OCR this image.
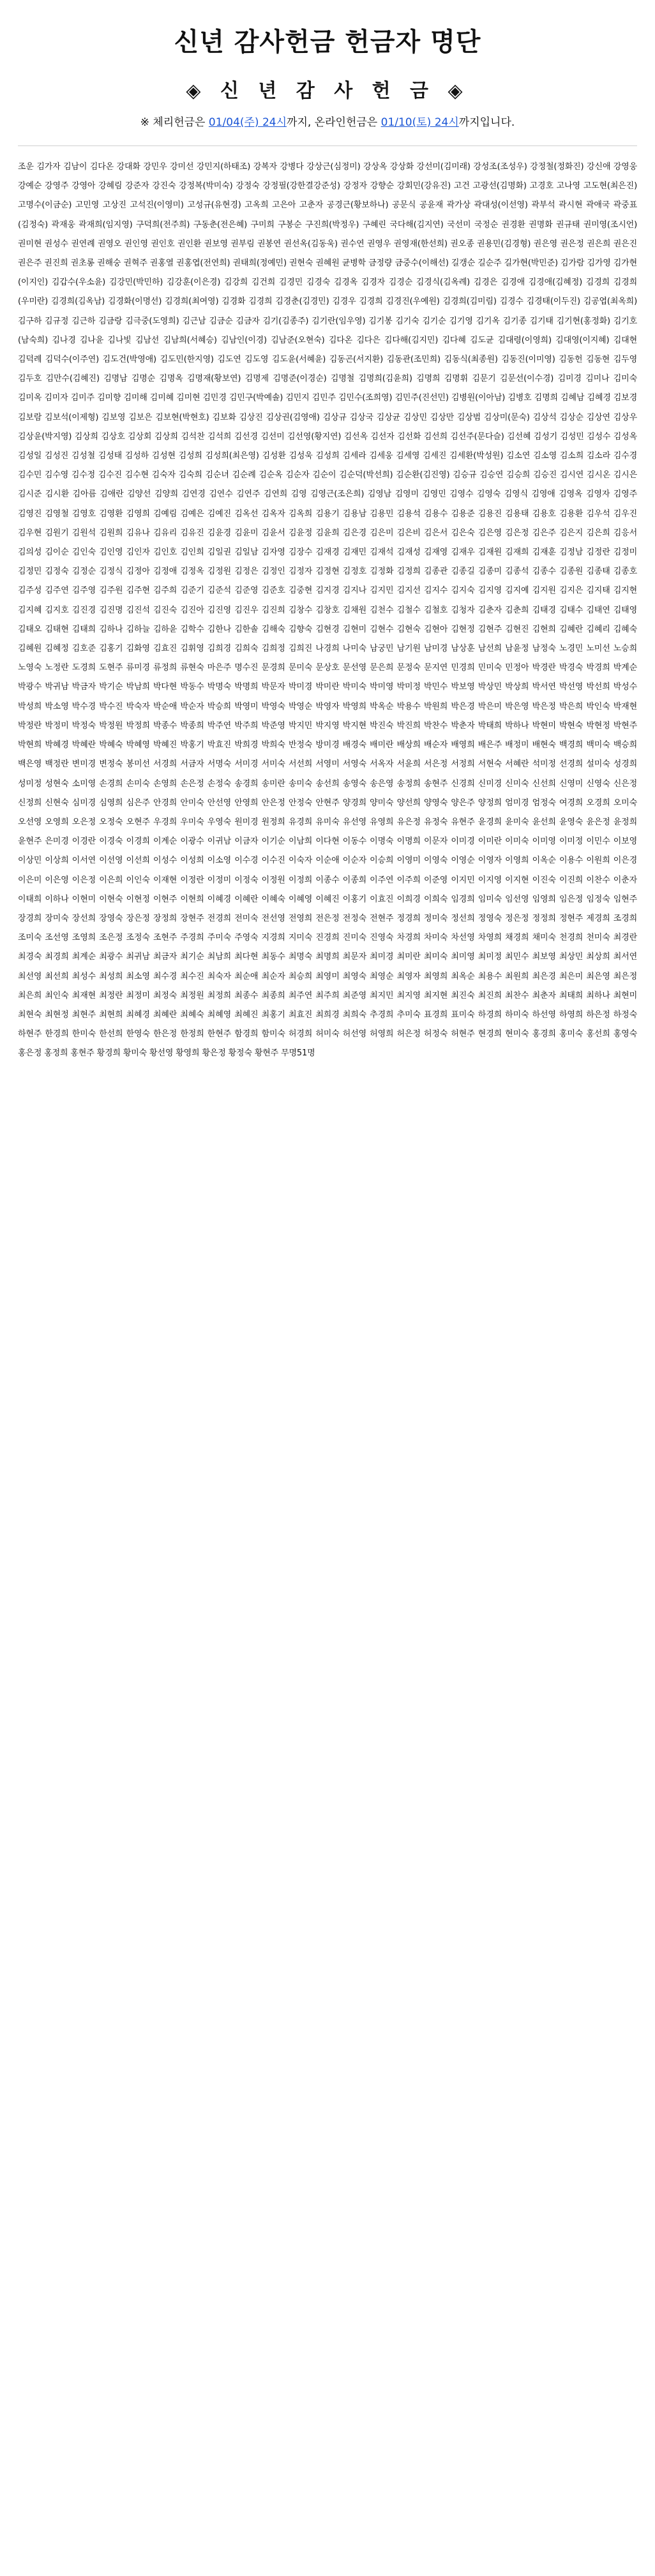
신년 감사헌금 헌금자 명단
◈ 신 년 감 사 헌 금 ◈
※ 체리헌금은 01/04(주) 24시까지, 온라인헌금은 01/10(토) 24시까지입니다.
조운 김가자 김남이 김다온 강대화 강민우 강미선 강민지(하태조) 강복자 강병다 강상근(심정미) 강상옥 강상화 강선미(김미래) 강성조(조성우) 강정철(정화진) 강신애 강영웅 강예순 강영주 강영아 강혜림 강준자 강진숙 강정복(박미숙) 강정숙 강정필(강한결강준성) 강정자 강향순 강회민(강유진) 고건 고광선(김명화) 고경호 고나영 고도현(최은진) 고명수(이금순) 고민영 고상진 고석진(이영미) 고성규(유현경) 고옥희 고은아 고춘자 공경근(황보하나) 공문식 공윤재 곽가상 곽대성(이선영) 곽부석 곽시현 곽애국 곽중표(김정숙) 곽재웅 곽재희(임지영) 구덕희(전주희) 구동춘(전은혜) 구미희 구봉순 구진희(박정우) 구혜린 국다해(김지연) 국선미 국정순 권경환 권명화 권규태 권미영(조시언) 권미현 권성수 권연례 권영오 권인영 권인호 권인환 권보영 권부림 권봉연 권선옥(김동욱) 권수연 권영우 권영재(한선희) 권오종 권용민(김경형) 권은영 권은정 권은희 권은진 권은주 권진희 권초롱 권해숭 권혁주 권홍열 권홍엽(전연희) 권태희(정예민) 권현숙 권혜원 균병학 금정량 금중수(이해선) 길갱순 길순주 길가현(박민준) 김가람 김가영 김가현(이지인) 김갑수(우소윤) 김강민(박민하) 김강훈(이은경) 김강희 김건희 김경민 김경숙 김경옥 김경자 김경순 김경식(김옥례) 김경은 김경애 김경애(김혜정) 김경희 김경희(우미란) 김경희(김옥남) 김경화(이명선) 김경희(최여영) 김경화 김경희 김경춘(김경민) 김경우 김경희 김경진(우예원) 김경희(김미림) 김경수 김경태(이두진) 김공엽(최옥희) 김구하 김규정 김근하 김금랑 김극중(도영희) 김근남 김금순 김금자 김기(김종주) 김기란(임우영) 김기봉 김기숙 김기순 김기영 김기옥 김기종 김기태 김기현(홍정화) 김기호(남숙희) 김나경 김나윤 김나빛 김남선 김남희(서혜승) 김남인(이경) 김남준(오현숙) 김다온 김다은 김다해(김지민) 김다혜 김도균 김대령(이영희) 김대영(이지혜) 김대현 김덕례 김덕수(이주연) 김도건(박영애) 김도민(한지영) 김도연 김도영 김도윤(서혜윤) 김동곤(서지환) 김동관(조민희) 김동식(최종원) 김동진(이미영) 김동헌 김동현 김두영 김두호 김만수(김혜진) 김명남 김명순 김명옥 김명재(황보연) 김명제 김명준(이경순) 김명철 김명희(김윤희) 김명희 김명휘 김문기 김문선(이수경) 김미경 김미나 김미숙 김미옥 김미자 김미주 김미향 김미해 김미혜 김미현 김민경 김민구(박예솔) 김민지 김민주 김민수(조희영) 김민주(진선민) 김병원(이아남) 김병호 김명희 김혜남 김혜경 김보경 김보람 김보석(이제형) 김보영 김보은 김보현(박현호) 김보화 김상진 김상권(김영애) 김상규 김상국 김상균 김상민 김상만 김상범 김상미(문숙) 김상석 김상순 김상연 김상우 김상윤(박지영) 김상희 김상호 김상회 김상희 김석찬 김석희 김선경 김선미 김선영(황지연) 김선옥 김선자 김선화 김선희 김선주(문다슬) 김선혜 김성기 김성민 김성수 김성옥 김성일 김성진 김성철 김성태 김성하 김성현 김성희 김성희(최은영) 김성환 김성욱 김성희 김세라 김세웅 김세영 김세진 김세환(박성원) 김소연 김소영 김소희 김소라 김수경 김수민 김수영 김수정 김수진 김수현 김숙자 김숙희 김순녀 김순례 김순옥 김순자 김순이 김순덕(박선희) 김순환(김진영) 김승규 김승연 김승희 김승진 김시연 김시온 김시은 김시준 김시환 김아름 김애란 김양선 김양희 김연경 김연수 김연주 김연희 김영 김영근(조은희) 김영남 김영미 김영민 김영수 김영숙 김영식 김영애 김영옥 김영자 김영주 김영진 김영철 김영호 김영환 김영희 김예림 김예은 김예진 김옥선 김옥자 김옥희 김용기 김용남 김용민 김용석 김용수 김용준 김용진 김용태 김용호 김용환 김우석 김우진 김우현 김원기 김원석 김원희 김유나 김유리 김유진 김윤경 김윤미 김윤서 김윤정 김윤희 김은경 김은미 김은비 김은서 김은숙 김은영 김은정 김은주 김은지 김은희 김응서 김의성 김이순 김인숙 김인영 김인자 김인호 김인희 김일권 김일남 김자영 김장수 김재경 김재민 김재석 김재성 김재영 김재우 김재원 김재희 김재훈 김정남 김정란 김정미 김정민 김정숙 김정순 김정식 김정아 김정애 김정옥 김정원 김정은 김정인 김정자 김정현 김정호 김정화 김정희 김종관 김종길 김종미 김종석 김종수 김종원 김종태 김종호 김주성 김주연 김주영 김주원 김주현 김주희 김준기 김준석 김준영 김준호 김중현 김지경 김지나 김지민 김지선 김지수 김지숙 김지영 김지예 김지원 김지은 김지태 김지현 김지혜 김지호 김진경 김진명 김진석 김진숙 김진아 김진영 김진우 김진희 김창수 김창호 김채원 김천수 김철수 김철호 김청자 김춘자 김춘희 김태경 김태수 김태연 김태영 김태오 김태현 김태희 김하나 김하늘 김하윤 김학수 김한나 김한솔 김해숙 김향숙 김현경 김현미 김현수 김현숙 김현아 김현정 김현주 김현진 김현희 김혜란 김혜리 김혜숙 김혜원 김혜정 김호준 김홍기 김화영 김효진 김휘영 김희경 김희숙 김희정 김희진 나경희 나미숙 남궁민 남기원 남미경 남상훈 남선희 남윤정 남정숙 노경민 노미선 노승희 노영숙 노정란 도경희 도현주 류미경 류정희 류현숙 마은주 명수진 문경희 문미숙 문상호 문선영 문은희 문정숙 문지연 민경희 민미숙 민정아 박경란 박경숙 박경희 박계순 박광수 박귀남 박금자 박기순 박남희 박다현 박동수 박명숙 박명희 박문자 박미경 박미란 박미숙 박미영 박미정 박민수 박보영 박상민 박상희 박서연 박선영 박선희 박성수 박성희 박소영 박수경 박수진 박숙자 박순애 박순자 박승희 박영미 박영숙 박영순 박영자 박영희 박옥순 박용수 박원희 박은경 박은미 박은영 박은정 박은희 박인숙 박재현 박정란 박정미 박정숙 박정원 박정희 박종수 박종희 박주연 박주희 박준영 박지민 박지영 박지현 박진숙 박진희 박찬수 박춘자 박태희 박하나 박현미 박현숙 박현정 박현주 박현희 박혜경 박혜란 박혜숙 박혜영 박혜진 박홍기 박효진 박희경 박희숙 반정숙 방미경 배경숙 배미란 배상희 배순자 배영희 배은주 배정미 배현숙 백경희 백미숙 백승희 백은영 백정란 변미경 변정숙 봉미선 서경희 서금자 서명숙 서미경 서미숙 서선희 서영미 서영숙 서옥자 서윤희 서은정 서정희 서현숙 서혜란 석미정 선경희 설미숙 성경희 성미정 성현숙 소미영 손경희 손미숙 손영희 손은정 손정숙 송경희 송미란 송미숙 송선희 송영숙 송은영 송정희 송현주 신경희 신미경 신미숙 신선희 신영미 신영숙 신은정 신정희 신현숙 심미경 심영희 심은주 안경희 안미숙 안선영 안영희 안은정 안정숙 안현주 양경희 양미숙 양선희 양영숙 양은주 양정희 엄미경 엄정숙 여경희 오경희 오미숙 오선영 오영희 오은정 오정숙 오현주 우경희 우미숙 우영숙 원미경 원정희 유경희 유미숙 유선영 유영희 유은정 유정숙 유현주 윤경희 윤미숙 윤선희 윤영숙 윤은정 윤정희 윤현주 은미경 이경란 이경숙 이경희 이계순 이광수 이귀남 이금자 이기순 이남희 이다현 이동수 이명숙 이명희 이문자 이미경 이미란 이미숙 이미영 이미정 이민수 이보영 이상민 이상희 이서연 이선영 이선희 이성수 이성희 이소영 이수경 이수진 이숙자 이순애 이순자 이승희 이영미 이영숙 이영순 이영자 이영희 이옥순 이용수 이원희 이은경 이은미 이은영 이은정 이은희 이인숙 이재현 이정란 이정미 이정숙 이정원 이정희 이종수 이종희 이주연 이주희 이준영 이지민 이지영 이지현 이진숙 이진희 이찬수 이춘자 이태희 이하나 이현미 이현숙 이현정 이현주 이현희 이혜경 이혜란 이혜숙 이혜영 이혜진 이홍기 이효진 이희경 이희숙 임경희 임미숙 임선영 임영희 임은정 임정숙 임현주 장경희 장미숙 장선희 장영숙 장은정 장정희 장현주 전경희 전미숙 전선영 전영희 전은정 전정숙 전현주 정경희 정미숙 정선희 정영숙 정은정 정정희 정현주 제경희 조경희 조미숙 조선영 조영희 조은정 조정숙 조현주 주경희 주미숙 주영숙 지경희 지미숙 진경희 진미숙 진영숙 차경희 차미숙 차선영 차영희 채경희 채미숙 천경희 천미숙 최경란 최경숙 최경희 최계순 최광수 최귀남 최금자 최기순 최남희 최다현 최동수 최명숙 최명희 최문자 최미경 최미란 최미숙 최미영 최미정 최민수 최보영 최상민 최상희 최서연 최선영 최선희 최성수 최성희 최소영 최수경 최수진 최숙자 최순애 최순자 최승희 최영미 최영숙 최영순 최영자 최영희 최옥순 최용수 최원희 최은경 최은미 최은영 최은정 최은희 최인숙 최재현 최정란 최정미 최정숙 최정원 최정희 최종수 최종희 최주연 최주희 최준영 최지민 최지영 최지현 최진숙 최진희 최찬수 최춘자 최태희 최하나 최현미 최현숙 최현정 최현주 최현희 최혜경 최혜란 최혜숙 최혜영 최혜진 최홍기 최효진 최희경 최희숙 추경희 추미숙 표경희 표미숙 하경희 하미숙 하선영 하영희 하은정 하정숙 하현주 한경희 한미숙 한선희 한영숙 한은정 한정희 한현주 함경희 함미숙 허경희 허미숙 허선영 허영희 허은정 허정숙 허현주 현경희 현미숙 홍경희 홍미숙 홍선희 홍영숙 홍은정 홍정희 홍현주 황경희 황미숙 황선영 황영희 황은정 황정숙 황현주 무명51명
